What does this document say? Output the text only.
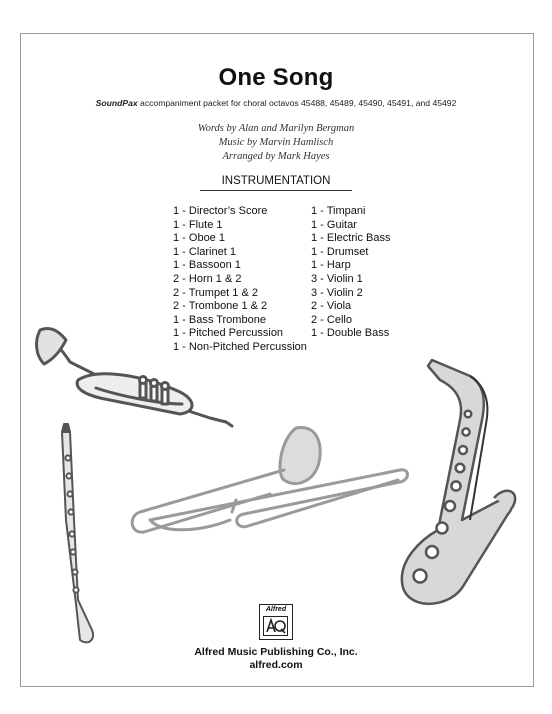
One Song
SoundPax accompaniment packet for choral octavos 45488, 45489, 45490, 45491, and 45492
Words by Alan and Marilyn Bergman
Music by Marvin Hamlisch
Arranged by Mark Hayes
INSTRUMENTATION
1 - Director’s Score
1 - Flute 1
1 - Oboe 1
1 - Clarinet 1
1 - Bassoon 1
2 - Horn 1 & 2
2 - Trumpet 1 & 2
2 - Trombone 1 & 2
1 - Bass Trombone
1 - Pitched Percussion
1 - Non-Pitched Percussion
1 - Timpani
1 - Guitar
1 - Electric Bass
1 - Drumset
1 - Harp
3 - Violin 1
3 - Violin 2
2 - Viola
2 - Cello
1 - Double Bass
Alfred
Alfred Music Publishing Co., Inc.
alfred.com
